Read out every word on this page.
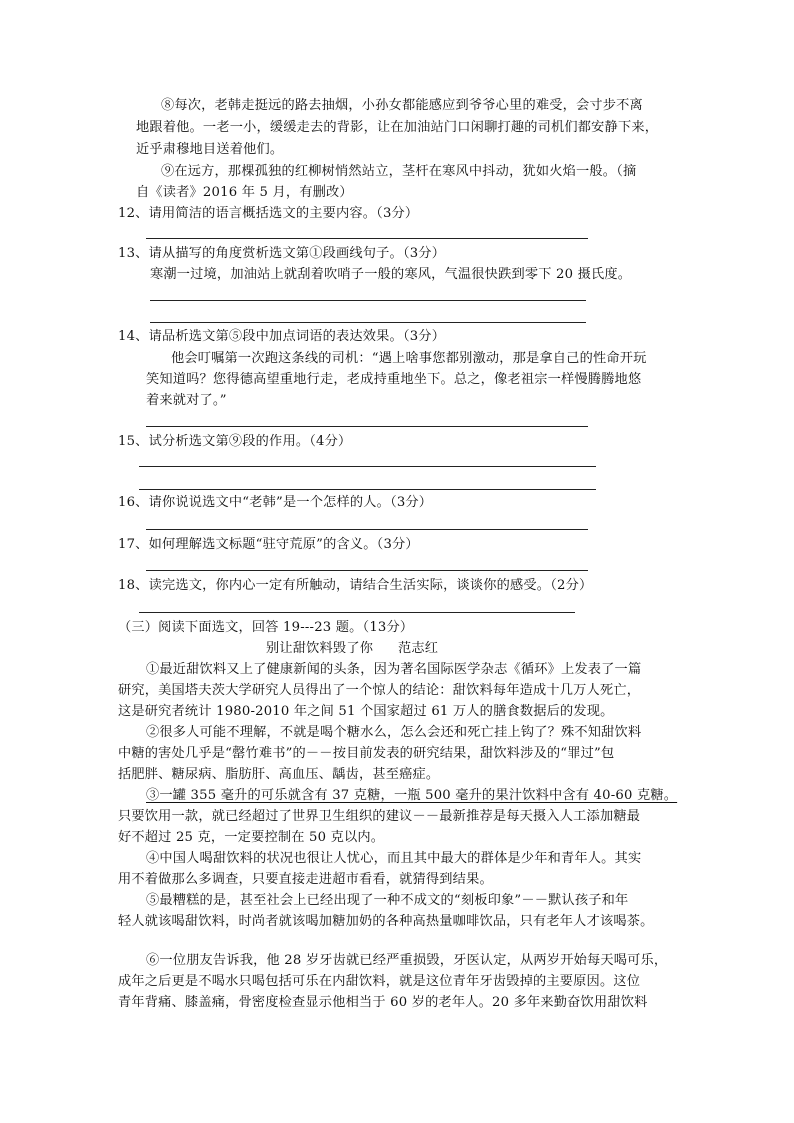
⑧每次，老韩走挺远的路去抽烟，小孙女都能感应到爷爷心里的难受，会寸步不离
地跟着他。一老一小，缓缓走去的背影，让在加油站门口闲聊打趣的司机们都安静下来，
近乎肃穆地目送着他们。
⑨在远方，那棵孤独的红柳树悄然站立，茎杆在寒风中抖动，犹如火焰一般。（摘
自《读者》2016 年 5 月，有删改）
12、请用简洁的语言概括选文的主要内容。（3分）
13、请从描写的角度赏析选文第①段画线句子。（3分）
寒潮一过境，加油站上就刮着吹哨子一般的寒风，气温很快跌到零下 20 摄氏度。
14、请品析选文第⑤段中加点词语的表达效果。（3分）
他会叮嘱第一次跑这条线的司机：“遇上啥事您都别激动，那是拿自己的性命开玩
笑知道吗？您得德高望重地行走，老成持重地坐下。总之，像老祖宗一样慢腾腾地悠
着来就对了。”
15、试分析选文第⑨段的作用。（4分）
16、请你说说选文中“老韩”是一个怎样的人。（3分）
17、如何理解选文标题“驻守荒原”的含义。（3分）
18、读完选文，你内心一定有所触动，请结合生活实际，谈谈你的感受。（2分）
（三）阅读下面选文，回答 19---23 题。（13分）
别让甜饮料毁了你 范志红
①最近甜饮料又上了健康新闻的头条，因为著名国际医学杂志《循环》上发表了一篇
研究，美国塔夫茨大学研究人员得出了一个惊人的结论：甜饮料每年造成十几万人死亡，
这是研究者统计 1980-2010 年之间 51 个国家超过 61 万人的膳食数据后的发现。
②很多人可能不理解，不就是喝个糖水么，怎么会还和死亡挂上钩了？殊不知甜饮料
中糖的害处几乎是“罄竹难书”的－－按目前发表的研究结果，甜饮料涉及的“罪过”包
括肥胖、糖尿病、脂肪肝、高血压、龋齿，甚至癌症。
③一罐 355 毫升的可乐就含有 37 克糖，一瓶 500 毫升的果汁饮料中含有 40-60 克糖。
只要饮用一款，就已经超过了世界卫生组织的建议－－最新推荐是每天摄入人工添加糖最
好不超过 25 克，一定要控制在 50 克以内。
④中国人喝甜饮料的状况也很让人忧心，而且其中最大的群体是少年和青年人。其实
用不着做那么多调查，只要直接走进超市看看，就猜得到结果。
⑤最糟糕的是，甚至社会上已经出现了一种不成文的“刻板印象”－－默认孩子和年
轻人就该喝甜饮料，时尚者就该喝加糖加奶的各种高热量咖啡饮品，只有老年人才该喝茶。
⑥一位朋友告诉我，他 28 岁牙齿就已经严重损毁，牙医认定，从两岁开始每天喝可乐，
成年之后更是不喝水只喝包括可乐在内甜饮料，就是这位青年牙齿毁掉的主要原因。这位
青年背痛、膝盖痛，骨密度检查显示他相当于 60 岁的老年人。20 多年来勤奋饮用甜饮料
